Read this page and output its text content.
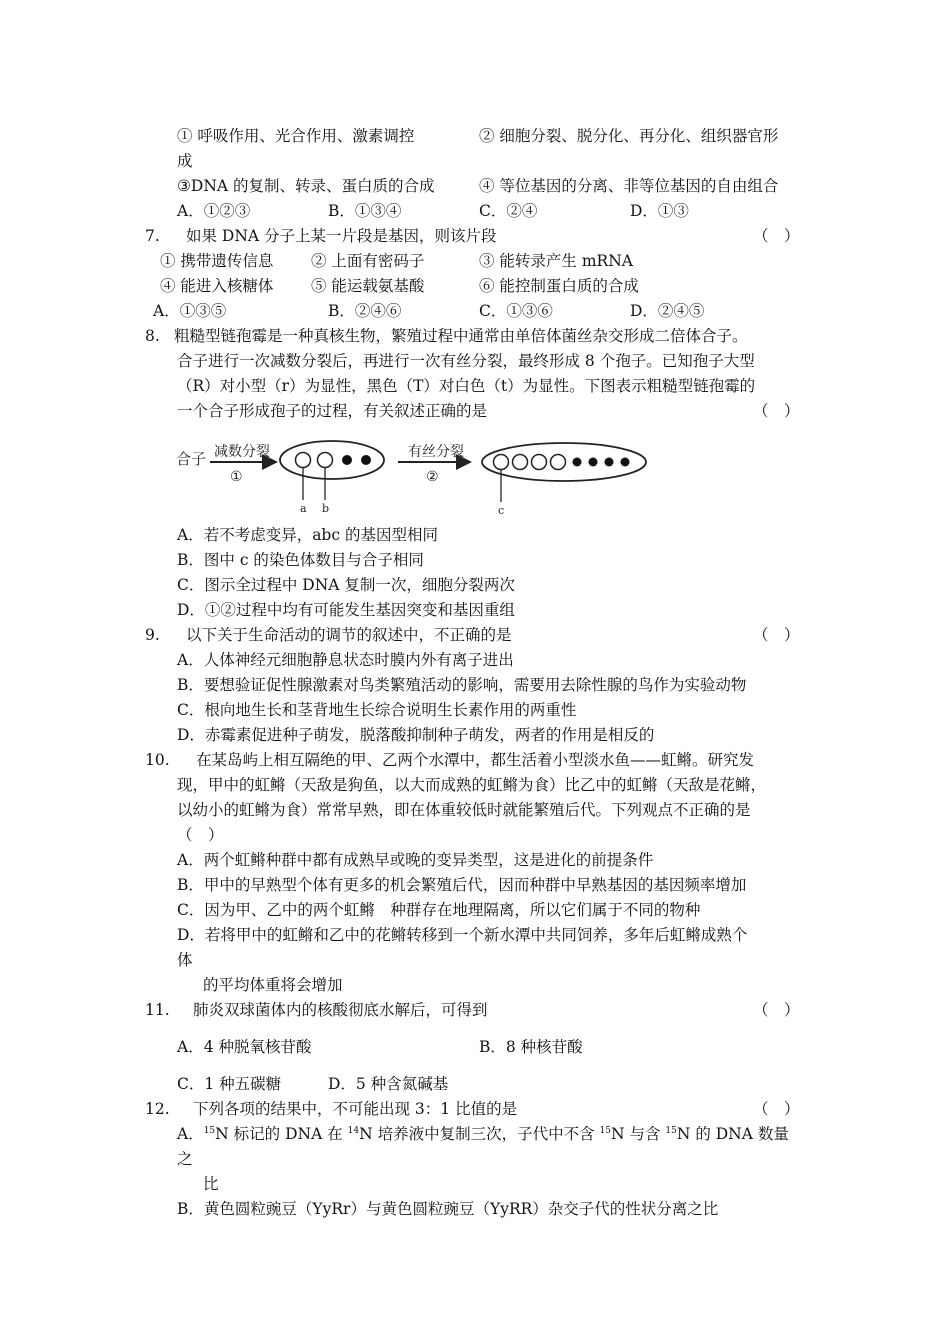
① 呼吸作用、光合作用、激素调控	② 细胞分裂、脱分化、再分化、组织器官形
成
③DNA 的复制、转录、蛋白质的合成	④ 等位基因的分离、非等位基因的自由组合
A．①②③	B．①③④	C．②④	D．①③
7. 如果 DNA 分子上某一片段是基因，则该片段	（　）
① 携带遗传信息 ② 上面有密码子	③ 能转录产生 mRNA
④ 能进入核糖体 ⑤ 能运载氨基酸	⑥ 能控制蛋白质的合成
A．①③⑤	B．②④⑥	C．①③⑥	D．②④⑤
8. 粗糙型链孢霉是一种真核生物，繁殖过程中通常由单倍体菌丝杂交形成二倍体合子。
合子进行一次减数分裂后，再进行一次有丝分裂，最终形成 8 个孢子。已知孢子大型
（R）对小型（r）为显性，黑色（T）对白色（t）为显性。下图表示粗糙型链孢霉的
一个合子形成孢子的过程，有关叙述正确的是	（　）
合子 减数分裂
①
a b
有丝分裂
②
c
A．若不考虑变异，abc 的基因型相同
B．图中 c 的染色体数目与合子相同
C．图示全过程中 DNA 复制一次，细胞分裂两次
D．①②过程中均有可能发生基因突变和基因重组
9. 以下关于生命活动的调节的叙述中，不正确的是	（　）
A．人体神经元细胞静息状态时膜内外有离子进出
B．要想验证促性腺激素对鸟类繁殖活动的影响，需要用去除性腺的鸟作为实验动物
C．根向地生长和茎背地生长综合说明生长素作用的两重性
D．赤霉素促进种子萌发，脱落酸抑制种子萌发，两者的作用是相反的
10. 在某岛屿上相互隔绝的甲、乙两个水潭中，都生活着小型淡水鱼——虹鳉。研究发
现，甲中的虹鳉（天敌是狗鱼，以大而成熟的虹鳉为食）比乙中的虹鳉（天敌是花鳉，
以幼小的虹鳉为食）常常早熟，即在体重较低时就能繁殖后代。下列观点不正确的是
（　）
A．两个虹鳉种群中都有成熟早或晚的变异类型，这是进化的前提条件
B．甲中的早熟型个体有更多的机会繁殖后代，因而种群中早熟基因的基因频率增加
C．因为甲、乙中的两个虹鳉　种群存在地理隔离，所以它们属于不同的物种
D．若将甲中的虹鳉和乙中的花鳉转移到一个新水潭中共同饲养，多年后虹鳉成熟个
体
的平均体重将会增加
11. 肺炎双球菌体内的核酸彻底水解后，可得到	（　）
A．4 种脱氧核苷酸	B．8 种核苷酸
C．1 种五碳糖	D．5 种含氮碱基
12. 下列各项的结果中，不可能出现 3：1 比值的是	（　）
A．$^{15}$N 标记的 DNA 在 $^{14}$N 培养液中复制三次，子代中不含 $^{15}$N 与含 $^{15}$N 的 DNA 数量
之
比
B．黄色圆粒豌豆（YyRr）与黄色圆粒豌豆（YyRR）杂交子代的性状分离之比
